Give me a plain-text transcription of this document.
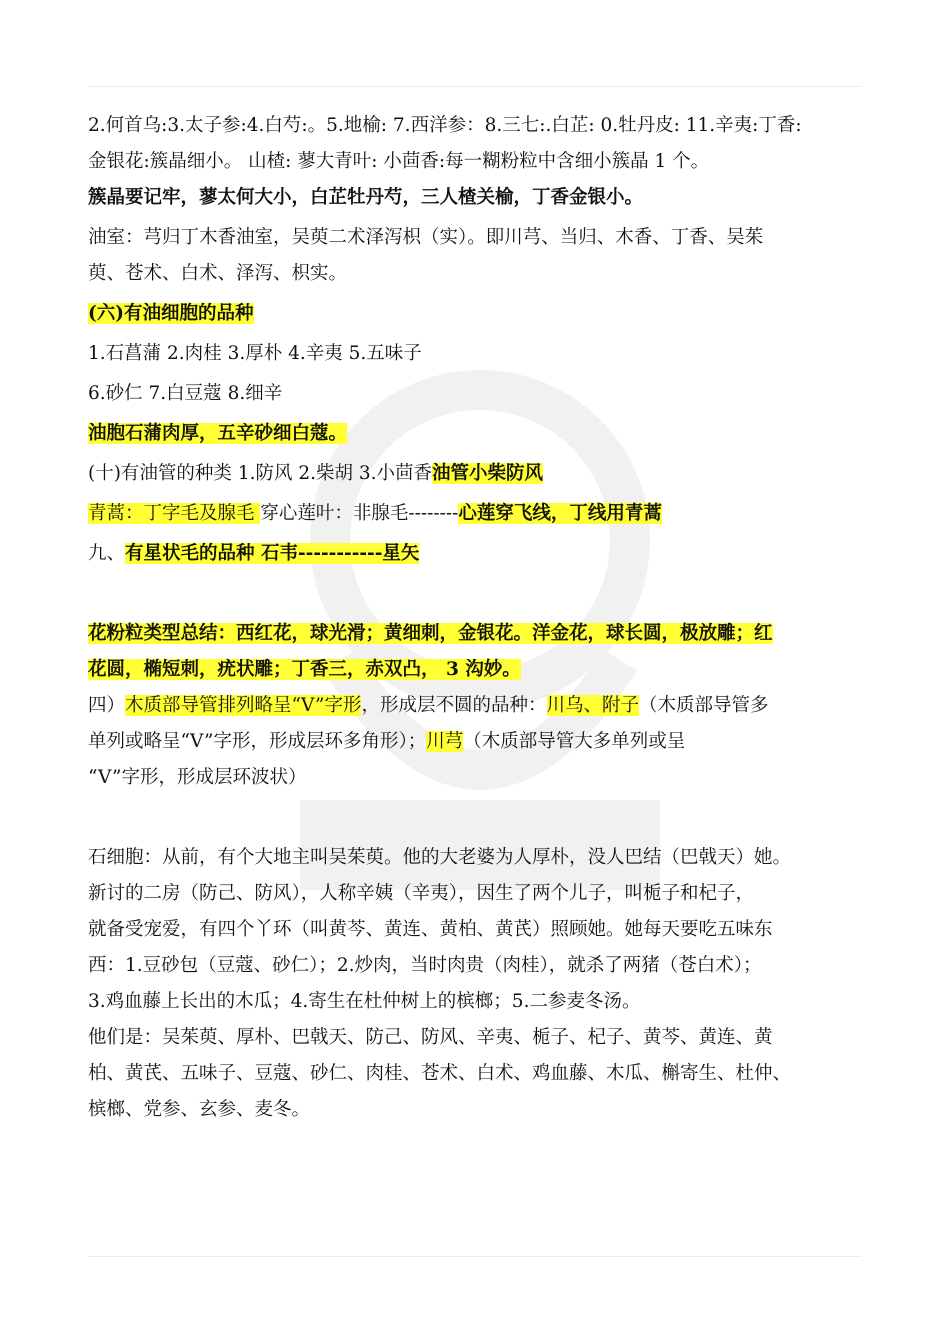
2.何首乌:3.太子参:4.白芍:。5.地榆: 7.西洋参：8.三七:.白芷: 0.牡丹皮: 11.辛夷:丁香:
金银花:簇晶细小。 山楂: 蓼大青叶: 小茴香:每一糊粉粒中含细小簇晶 1 个。
簇晶要记牢，蓼太何大小，白芷牡丹芍，三人楂关榆，丁香金银小。
油室：芎归丁木香油室，吴萸二术泽泻枳（实）。即川芎、当归、木香、丁香、吴茱
萸、苍术、白术、泽泻、枳实。
(六)有油细胞的品种
1.石菖蒲 2.肉桂 3.厚朴 4.辛夷 5.五味子
6.砂仁 7.白豆蔻 8.细辛
油胞石蒲肉厚，五辛砂细白蔻。
(十)有油管的种类 1.防风 2.柴胡 3.小茴香油管小柴防风
青蒿：丁字毛及腺毛 穿心莲叶：非腺毛--------心莲穿飞线，丁线用青蒿
九、有星状毛的品种 石韦-----------星矢
花粉粒类型总结：西红花，球光滑；黄细刺，金银花。洋金花，球长圆，极放雕；红
花圆，椭短刺，疣状雕；丁香三，赤双凸， 3 沟妙。
四）木质部导管排列略呈“V”字形，形成层不圆的品种：川乌、附子（木质部导管多
单列或略呈“V”字形，形成层环多角形）；川芎（木质部导管大多单列或呈
“V”字形，形成层环波状）
石细胞：从前，有个大地主叫吴茱萸。他的大老婆为人厚朴，没人巴结（巴戟天）她。
新讨的二房（防己、防风），人称辛姨（辛夷），因生了两个儿子，叫栀子和杞子，
就备受宠爱，有四个丫环（叫黄芩、黄连、黄柏、黄芪）照顾她。她每天要吃五味东
西：1.豆砂包（豆蔻、砂仁）；2.炒肉，当时肉贵（肉桂），就杀了两猪（苍白术）；
3.鸡血藤上长出的木瓜；4.寄生在杜仲树上的槟榔；5.二参麦冬汤。
他们是：吴茱萸、厚朴、巴戟天、防己、防风、辛夷、栀子、杞子、黄芩、黄连、黄
柏、黄芪、五味子、豆蔻、砂仁、肉桂、苍术、白术、鸡血藤、木瓜、槲寄生、杜仲、
槟榔、党参、玄参、麦冬。
